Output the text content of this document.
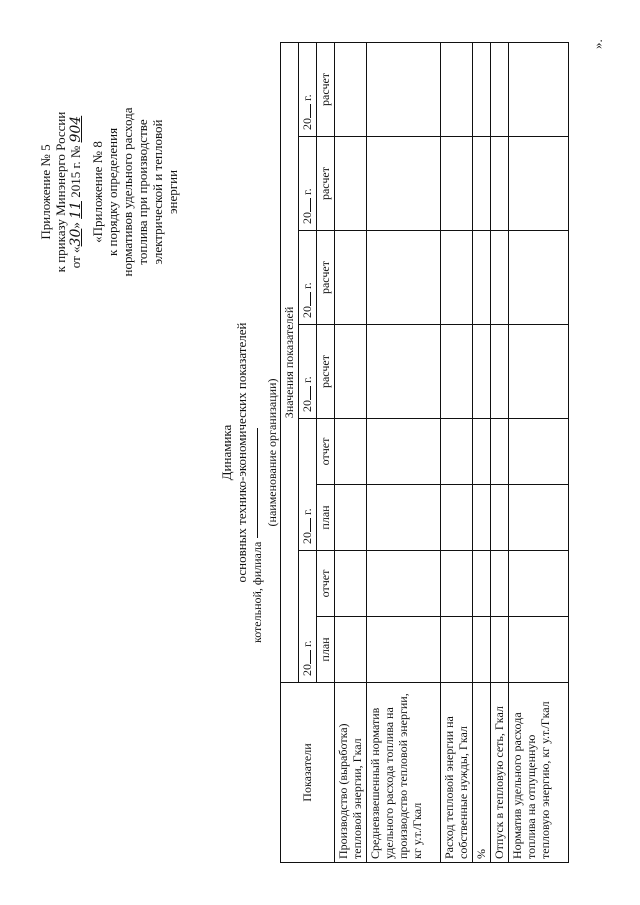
Приложение № 5 к приказу Минэнерго России от «30» 11 2015 г. № 904
«Приложение № 8 к порядку определения нормативов удельного расхода топлива при производстве электрической и тепловой энергии
Динамика основных технико-экономических показателей
котельной, филиала
(наименование организации)
Показатели	Значения показателей							
	20 г.		20 г.		20 г.	20 г.	20 г.	20 г.
	план	отчет	план	отчет	расчет	расчет	расчет	расчет
Производство (выработка) тепловой энергии, Гкал								
Средневзвешенный норматив удельного расхода топлива на производство тепловой энергии, кг у.т./Гкал								
Расход тепловой энергии на собственные нужды, Гкал								
%								
Отпуск в тепловую сеть, Гкал								
Норматив удельного расхода топлива на отпущенную тепловую энергию, кг у.т./Гкал								
».
